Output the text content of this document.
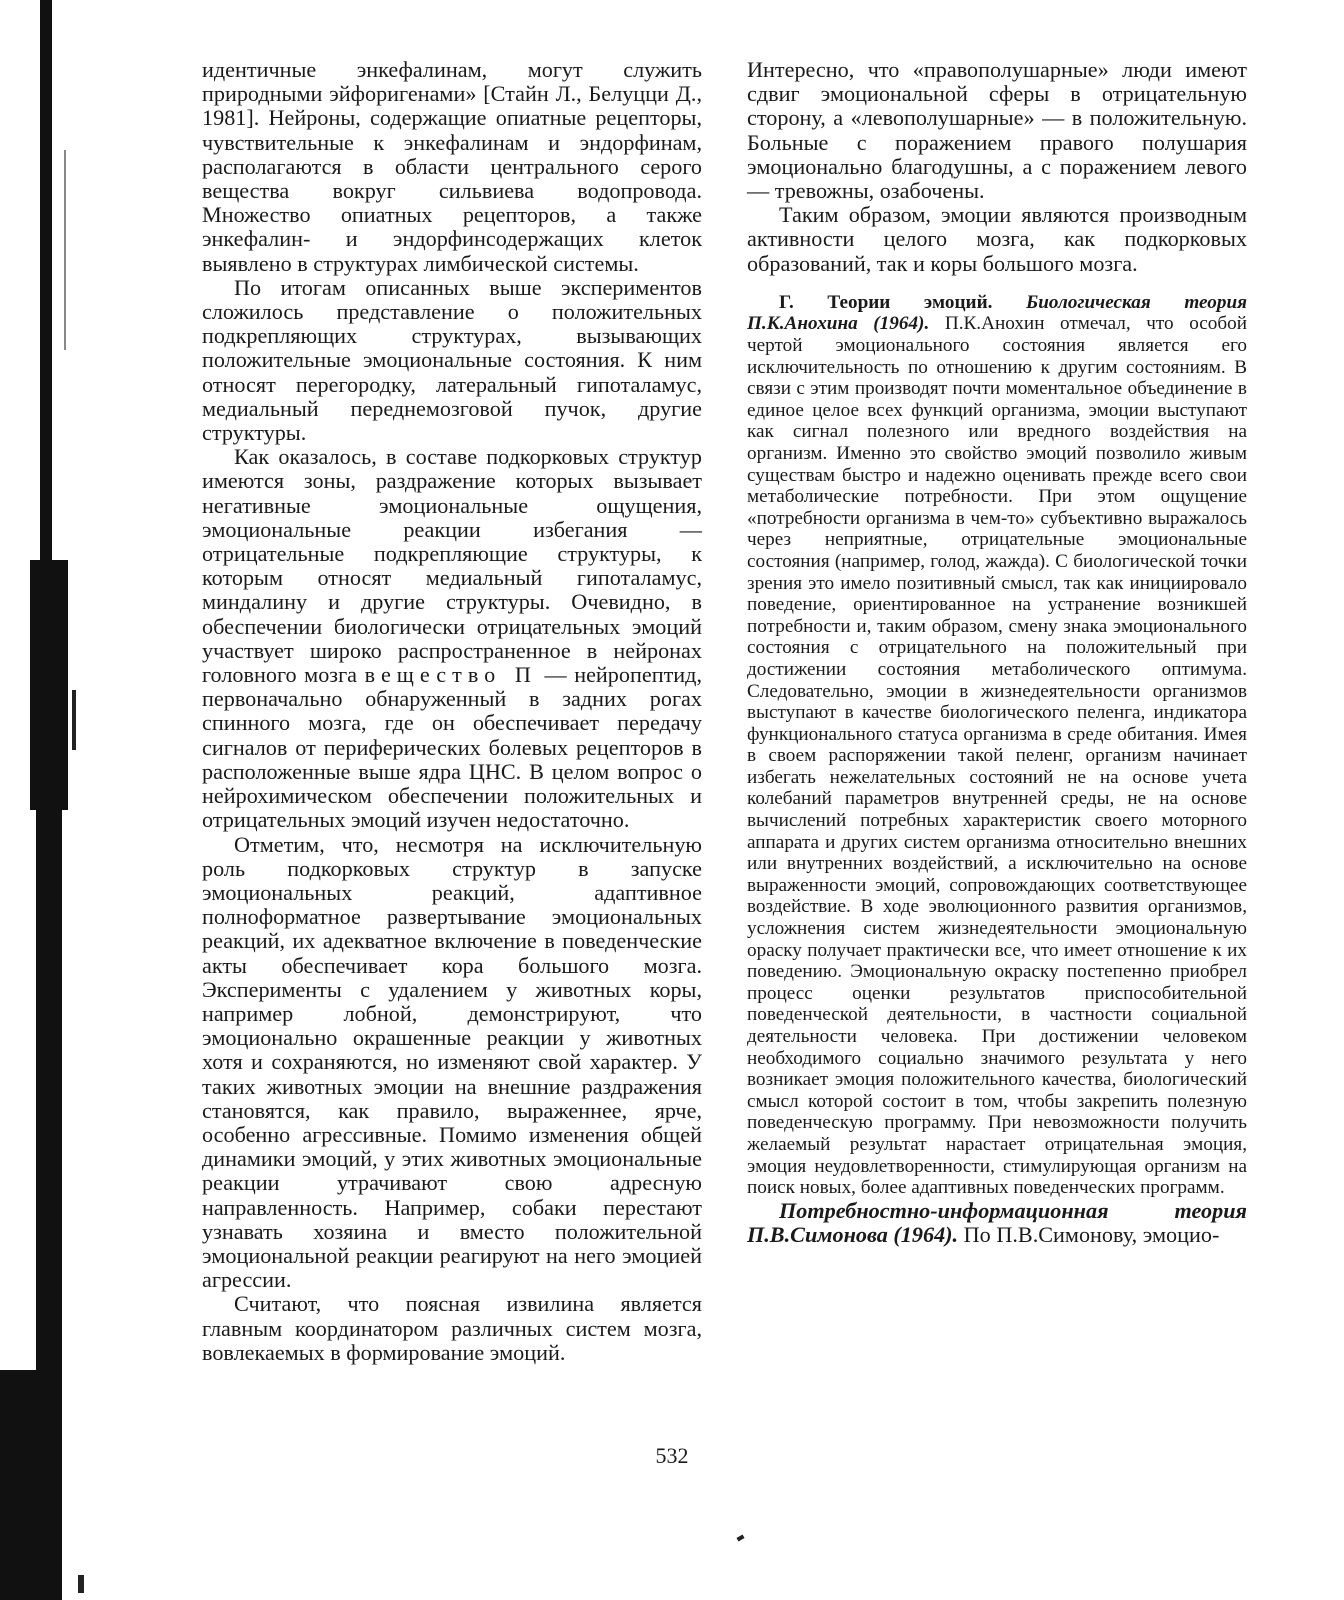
идентичные энкефалинам, могут служить природными эйфоригенами» [Стайн Л., Белуцци Д., 1981]. Нейроны, содержащие опиатные рецепторы, чувствительные к энкефалинам и эндорфинам, располагаются в области центрального серого вещества вокруг сильвиева водопровода. Множество опиатных рецепторов, а также энкефалин- и эндорфинсодержащих клеток выявлено в структурах лимбической системы.

По итогам описанных выше экспериментов сложилось представление о положительных подкрепляющих структурах, вызывающих положительные эмоциональные состояния. К ним относят перегородку, латеральный гипоталамус, медиальный переднемозговой пучок, другие структуры.

Как оказалось, в составе подкорковых структур имеются зоны, раздражение которых вызывает негативные эмоциональные ощущения, эмоциональные реакции избегания — отрицательные подкрепляющие структуры, к которым относят медиальный гипоталамус, миндалину и другие структуры. Очевидно, в обеспечении биологически отрицательных эмоций участвует широко распространенное в нейронах головного мозга вещество П — нейропептид, первоначально обнаруженный в задних рогах спинного мозга, где он обеспечивает передачу сигналов от периферических болевых рецепторов в расположенные выше ядра ЦНС. В целом вопрос о нейрохимическом обеспечении положительных и отрицательных эмоций изучен недостаточно.

Отметим, что, несмотря на исключительную роль подкорковых структур в запуске эмоциональных реакций, адаптивное полноформатное развертывание эмоциональных реакций, их адекватное включение в поведенческие акты обеспечивает кора большого мозга. Эксперименты с удалением у животных коры, например лобной, демонстрируют, что эмоционально окрашенные реакции у животных хотя и сохраняются, но изменяют свой характер. У таких животных эмоции на внешние раздражения становятся, как правило, выраженнее, ярче, особенно агрессивные. Помимо изменения общей динамики эмоций, у этих животных эмоциональные реакции утрачивают свою адресную направленность. Например, собаки перестают узнавать хозяина и вместо положительной эмоциональной реакции реагируют на него эмоцией агрессии.

Считают, что поясная извилина является главным координатором различных систем мозга, вовлекаемых в формирование эмоций.

Интересно, что «правополушарные» люди имеют сдвиг эмоциональной сферы в отрицательную сторону, а «левополушарные» — в положительную. Больные с поражением правого полушария эмоционально благодушны, а с поражением левого — тревожны, озабочены.

Таким образом, эмоции являются производным активности целого мозга, как подкорковых образований, так и коры большого мозга.

Г. Теории эмоций. Биологическая теория П.К.Анохина (1964). П.К.Анохин отмечал, что особой чертой эмоционального состояния является его исключительность по отношению к другим состояниям. В связи с этим производят почти моментальное объединение в единое целое всех функций организма, эмоции выступают как сигнал полезного или вредного воздействия на организм. Именно это свойство эмоций позволило живым существам быстро и надежно оценивать прежде всего свои метаболические потребности. При этом ощущение «потребности организма в чем-то» субъективно выражалось через неприятные, отрицательные эмоциональные состояния (например, голод, жажда). С биологической точки зрения это имело позитивный смысл, так как инициировало поведение, ориентированное на устранение возникшей потребности и, таким образом, смену знака эмоционального состояния с отрицательного на положительный при достижении состояния метаболического оптимума. Следовательно, эмоции в жизнедеятельности организмов выступают в качестве биологического пеленга, индикатора функционального статуса организма в среде обитания. Имея в своем распоряжении такой пеленг, организм начинает избегать нежелательных состояний не на основе учета колебаний параметров внутренней среды, не на основе вычислений потребных характеристик своего моторного аппарата и других систем организма относительно внешних или внутренних воздействий, а исключительно на основе выраженности эмоций, сопровождающих соответствующее воздействие. В ходе эволюционного развития организмов, усложнения систем жизнедеятельности эмоциональную ораску получает практически все, что имеет отношение к их поведению. Эмоциональную окраску постепенно приобрел процесс оценки результатов приспособительной поведенческой деятельности, в частности социальной деятельности человека. При достижении человеком необходимого социально значимого результата у него возникает эмоция положительного качества, биологический смысл которой состоит в том, чтобы закрепить полезную поведенческую программу. При невозможности получить желаемый результат нарастает отрицательная эмоция, эмоция неудовлетворенности, стимулирующая организм на поиск новых, более адаптивных поведенческих программ.

Потребностно-информационная теория П.В.Симонова (1964). По П.В.Симонову, эмоцио-

532
